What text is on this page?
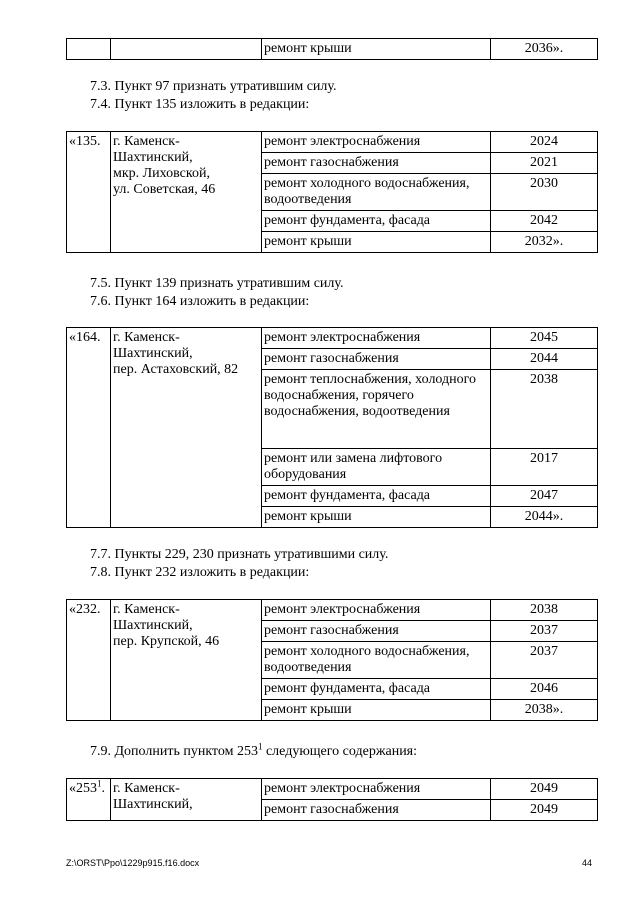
		ремонт крыши	2036».
7.3. Пункт 97 признать утратившим силу.
7.4. Пункт 135 изложить в редакции:
«135.	г. Каменск-
Шахтинский,
мкр. Лиховской,
ул. Советская, 46	ремонт электроснабжения	2024
		ремонт газоснабжения	2021
		ремонт холодного водоснабжения, водоотведения	2030
		ремонт фундамента, фасада	2042
		ремонт крыши	2032».
7.5. Пункт 139 признать утратившим силу.
7.6. Пункт 164 изложить в редакции:
«164.	г. Каменск-
Шахтинский,
пер. Астаховский, 82	ремонт электроснабжения	2045
		ремонт газоснабжения	2044
		ремонт теплоснабжения, холодного водоснабжения, горячего водоснабжения, водоотведения	2038
		ремонт или замена лифтового оборудования	2017
		ремонт фундамента, фасада	2047
		ремонт крыши	2044».
7.7. Пункты 229, 230 признать утратившими силу.
7.8. Пункт 232 изложить в редакции:
«232.	г. Каменск-
Шахтинский,
пер. Крупской, 46	ремонт электроснабжения	2038
		ремонт газоснабжения	2037
		ремонт холодного водоснабжения, водоотведения	2037
		ремонт фундамента, фасада	2046
		ремонт крыши	2038».
7.9. Дополнить пунктом $253^1$ следующего содержания:
«$253^1$.	г. Каменск-
Шахтинский,	ремонт электроснабжения	2049
		ремонт газоснабжения	2049
Z:\ORST\Ppo\1229p915.f16.docx	44
